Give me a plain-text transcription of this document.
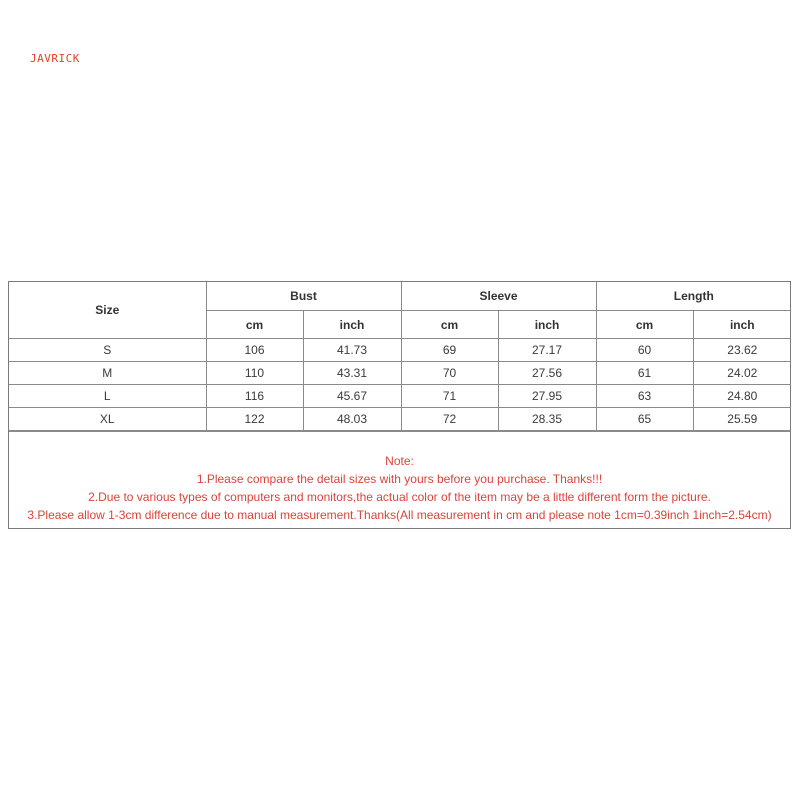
JAVRICK
Size	Bust		Sleeve		Length	
	cm	inch	cm	inch	cm	inch
S	106	41.73	69	27.17	60	23.62
M	110	43.31	70	27.56	61	24.02
L	116	45.67	71	27.95	63	24.80
XL	122	48.03	72	28.35	65	25.59
Note:
1.Please compare the detail sizes with yours before you purchase. Thanks!!!
2.Due to various types of computers and monitors,the actual color of the item may be a little different form the picture.
3.Please allow 1-3cm difference due to manual measurement.Thanks(All measurement in cm and please note 1cm=0.39inch 1inch=2.54cm)
